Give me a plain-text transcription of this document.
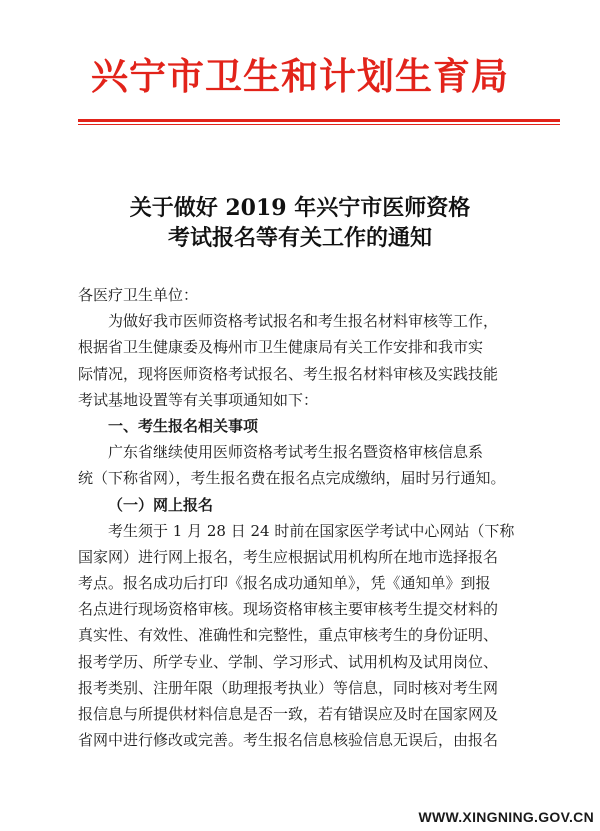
兴宁市卫生和计划生育局
关于做好 2019 年兴宁市医师资格
考试报名等有关工作的通知
各医疗卫生单位：
为做好我市医师资格考试报名和考生报名材料审核等工作，
根据省卫生健康委及梅州市卫生健康局有关工作安排和我市实
际情况，现将医师资格考试报名、考生报名材料审核及实践技能
考试基地设置等有关事项通知如下：
一、考生报名相关事项
广东省继续使用医师资格考试考生报名暨资格审核信息系
统（下称省网），考生报名费在报名点完成缴纳，届时另行通知。
（一）网上报名
考生须于 1 月 28 日 24 时前在国家医学考试中心网站（下称
国家网）进行网上报名，考生应根据试用机构所在地市选择报名
考点。报名成功后打印《报名成功通知单》，凭《通知单》到报
名点进行现场资格审核。现场资格审核主要审核考生提交材料的
真实性、有效性、准确性和完整性，重点审核考生的身份证明、
报考学历、所学专业、学制、学习形式、试用机构及试用岗位、
报考类别、注册年限（助理报考执业）等信息，同时核对考生网
报信息与所提供材料信息是否一致，若有错误应及时在国家网及
省网中进行修改或完善。考生报名信息核验信息无误后，由报名
WWW.XINGNING.GOV.CN
